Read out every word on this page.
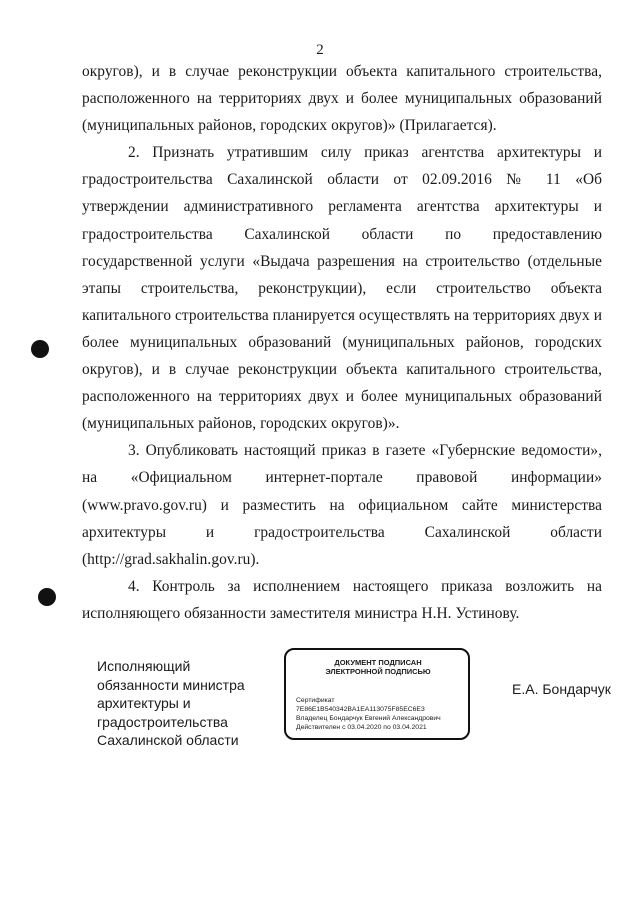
2

округов), и в случае реконструкции объекта капитального строительства, расположенного на территориях двух и более муниципальных образований (муниципальных районов, городских округов)» (Прилагается).

2. Признать утратившим силу приказ агентства архитектуры и градостроительства Сахалинской области от 02.09.2016 № 11 «Об утверждении административного регламента агентства архитектуры и градостроительства Сахалинской области по предоставлению государственной услуги «Выдача разрешения на строительство (отдельные этапы строительства, реконструкции), если строительство объекта капитального строительства планируется осуществлять на территориях двух и более муниципальных образований (муниципальных районов, городских округов), и в случае реконструкции объекта капитального строительства, расположенного на территориях двух и более муниципальных образований (муниципальных районов, городских округов)».

3. Опубликовать настоящий приказ в газете «Губернские ведомости», на «Официальном интернет-портале правовой информации» (www.pravo.gov.ru) и разместить на официальном сайте министерства архитектуры и градостроительства Сахалинской области (http://grad.sakhalin.gov.ru).

4. Контроль за исполнением настоящего приказа возложить на исполняющего обязанности заместителя министра Н.Н. Устинову.

Исполняющий
обязанности министра
архитектуры и
градостроительства
Сахалинской области
ДОКУМЕНТ ПОДПИСАН
ЭЛЕКТРОННОЙ ПОДПИСЬЮ
Сертификат 7E86E1B540342BA1EA113075F85EC6E3
Владелец Бондарчук Евгений Александрович
Действителен с 03.04.2020 по 03.04.2021
Е.А. Бондарчук
